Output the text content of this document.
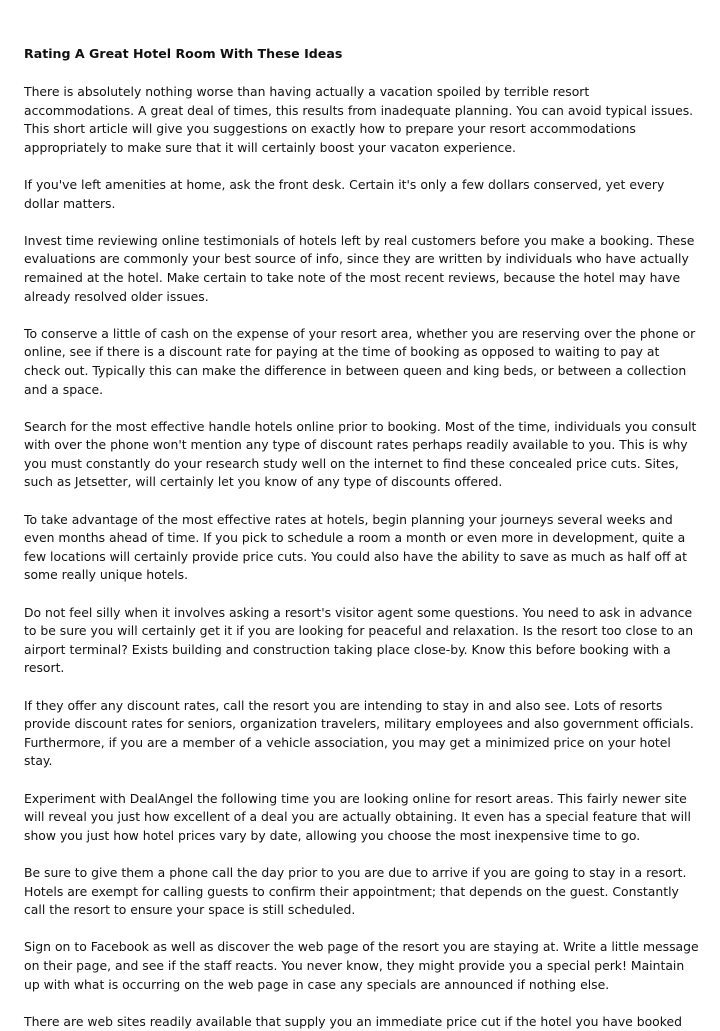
Rating A Great Hotel Room With These Ideas

There is absolutely nothing worse than having actually a vacation spoiled by terrible resort accommodations. A great deal of times, this results from inadequate planning. You can avoid typical issues. This short article will give you suggestions on exactly how to prepare your resort accommodations appropriately to make sure that it will certainly boost your vacaton experience.

If you've left amenities at home, ask the front desk. Certain it's only a few dollars conserved, yet every dollar matters.

Invest time reviewing online testimonials of hotels left by real customers before you make a booking. These evaluations are commonly your best source of info, since they are written by individuals who have actually remained at the hotel. Make certain to take note of the most recent reviews, because the hotel may have already resolved older issues.

To conserve a little of cash on the expense of your resort area, whether you are reserving over the phone or online, see if there is a discount rate for paying at the time of booking as opposed to waiting to pay at check out. Typically this can make the difference in between queen and king beds, or between a collection and a space.

Search for the most effective handle hotels online prior to booking. Most of the time, individuals you consult with over the phone won't mention any type of discount rates perhaps readily available to you. This is why you must constantly do your research study well on the internet to find these concealed price cuts. Sites, such as Jetsetter, will certainly let you know of any type of discounts offered.

To take advantage of the most effective rates at hotels, begin planning your journeys several weeks and even months ahead of time. If you pick to schedule a room a month or even more in development, quite a few locations will certainly provide price cuts. You could also have the ability to save as much as half off at some really unique hotels.

Do not feel silly when it involves asking a resort's visitor agent some questions. You need to ask in advance to be sure you will certainly get it if you are looking for peaceful and relaxation. Is the resort too close to an airport terminal? Exists building and construction taking place close-by. Know this before booking with a resort.

If they offer any discount rates, call the resort you are intending to stay in and also see. Lots of resorts provide discount rates for seniors, organization travelers, military employees and also government officials. Furthermore, if you are a member of a vehicle association, you may get a minimized price on your hotel stay.

Experiment with DealAngel the following time you are looking online for resort areas. This fairly newer site will reveal you just how excellent of a deal you are actually obtaining. It even has a special feature that will show you just how hotel prices vary by date, allowing you choose the most inexpensive time to go.

Be sure to give them a phone call the day prior to you are due to arrive if you are going to stay in a resort. Hotels are exempt for calling guests to confirm their appointment; that depends on the guest. Constantly call the resort to ensure your space is still scheduled.

Sign on to Facebook as well as discover the web page of the resort you are staying at. Write a little message on their page, and see if the staff reacts. You never know, they might provide you a special perk! Maintain up with what is occurring on the web page in case any specials are announced if nothing else.

There are web sites readily available that supply you an immediate price cut if the hotel you have booked
